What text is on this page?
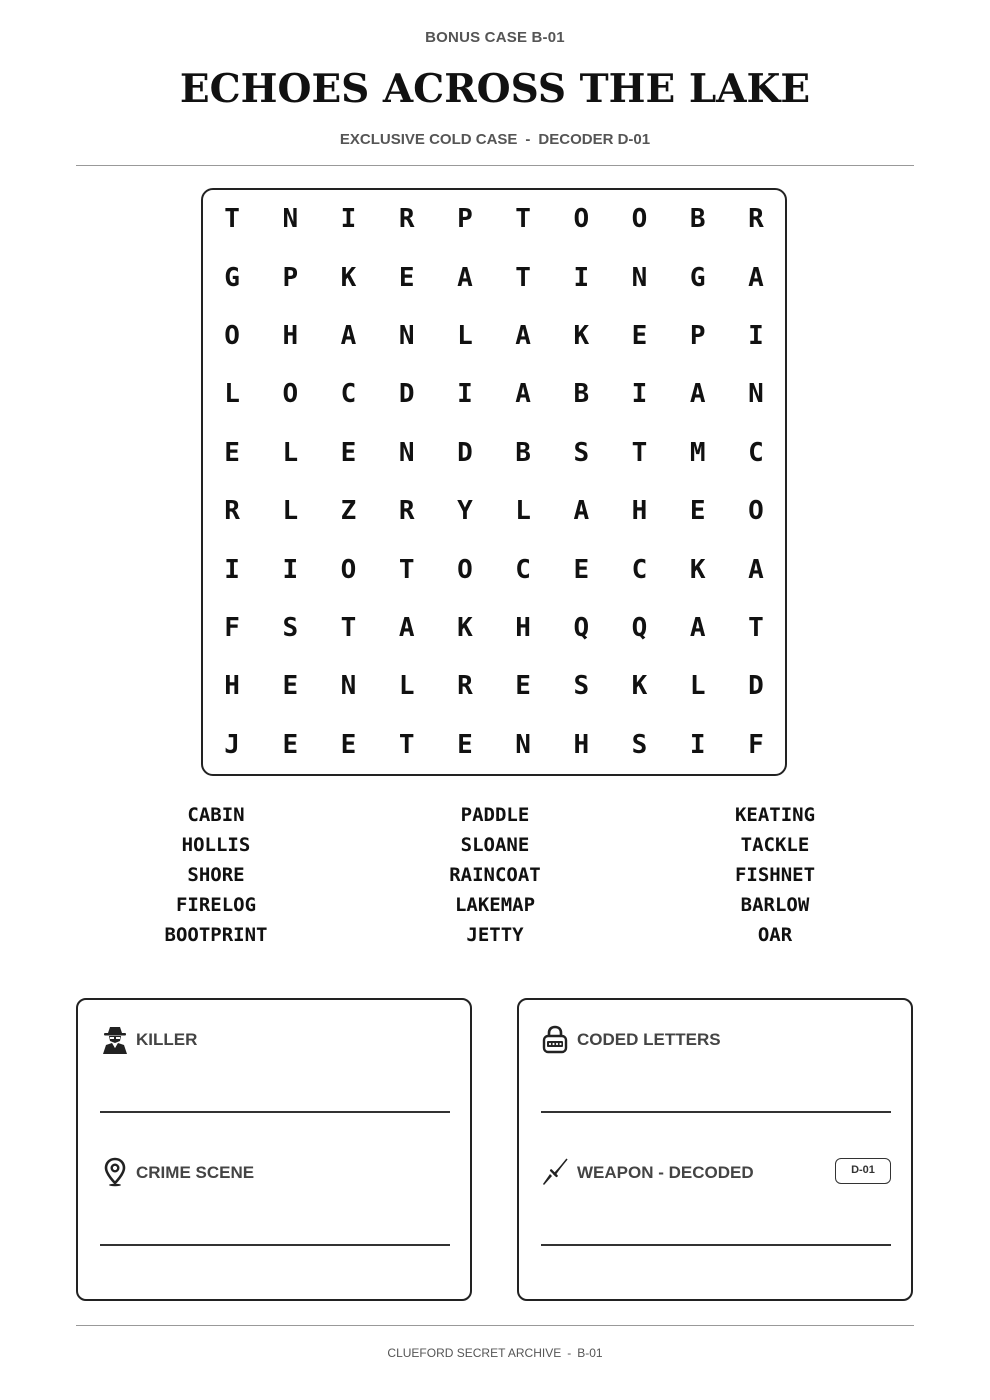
BONUS CASE B-01
ECHOES ACROSS THE LAKE
EXCLUSIVE COLD CASE - DECODER D-01
T	N	I	R	P	T	O	O	B	R
G	P	K	E	A	T	I	N	G	A
O	H	A	N	L	A	K	E	P	I
L	O	C	D	I	A	B	I	A	N
E	L	E	N	D	B	S	T	M	C
R	L	Z	R	Y	L	A	H	E	O
I	I	O	T	O	C	E	C	K	A
F	S	T	A	K	H	Q	Q	A	T
H	E	N	L	R	E	S	K	L	D
J	E	E	T	E	N	H	S	I	F
CABIN
HOLLIS
SHORE
FIRELOG
BOOTPRINT
PADDLE
SLOANE
RAINCOAT
LAKEMAP
JETTY
KEATING
TACKLE
FISHNET
BARLOW
OAR
KILLER
CRIME SCENE
CODED LETTERS
WEAPON - DECODED	D-01
CLUEFORD SECRET ARCHIVE - B-01
